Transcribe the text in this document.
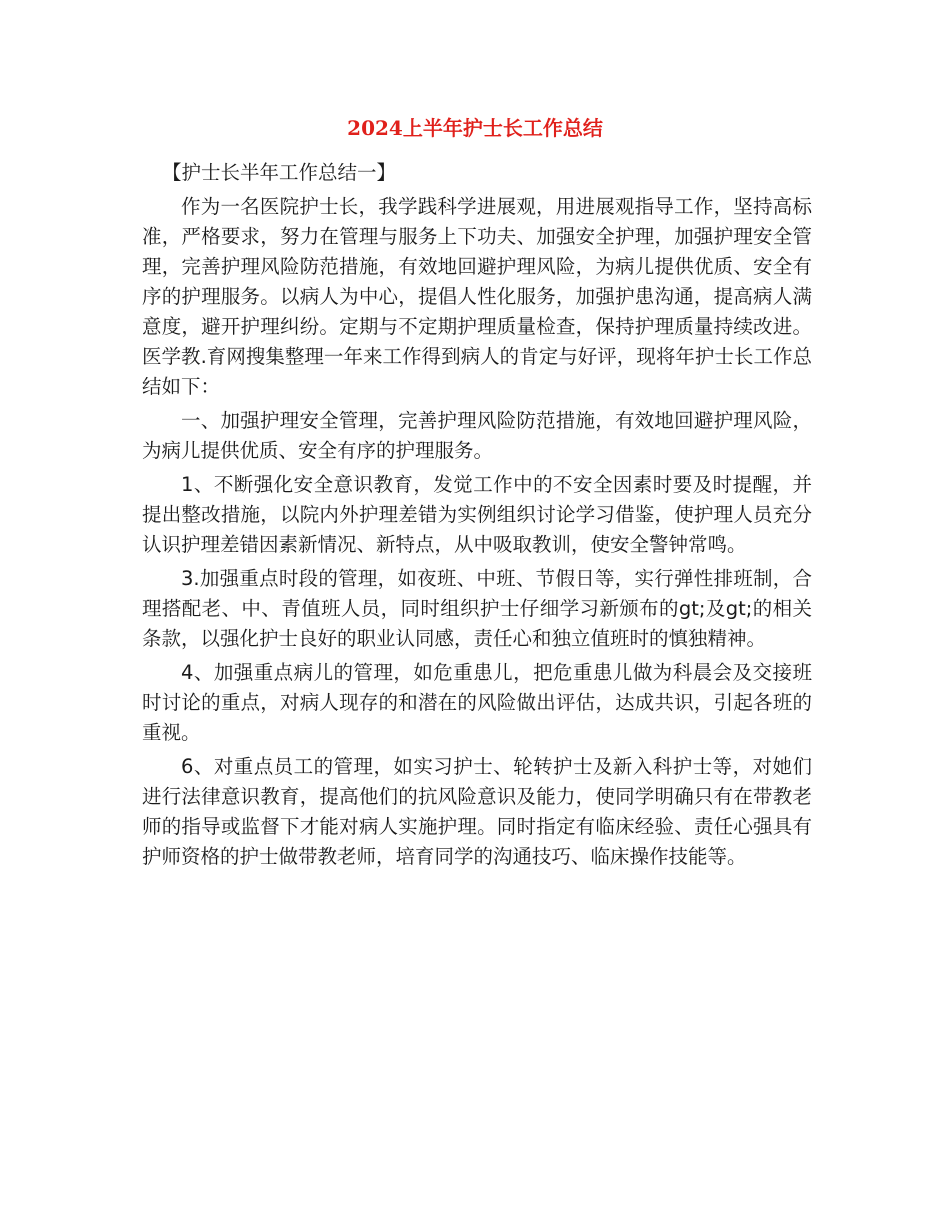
2024上半年护士长工作总结

【护士长半年工作总结一】

作为一名医院护士长，我学践科学进展观，用进展观指导工作，坚持高标准，严格要求，努力在管理与服务上下功夫、加强安全护理，加强护理安全管理，完善护理风险防范措施，有效地回避护理风险，为病儿提供优质、安全有序的护理服务。以病人为中心，提倡人性化服务，加强护患沟通，提高病人满意度，避开护理纠纷。定期与不定期护理质量检查，保持护理质量持续改进。医学教.育网搜集整理一年来工作得到病人的肯定与好评，现将年护士长工作总结如下：

一、加强护理安全管理，完善护理风险防范措施，有效地回避护理风险，为病儿提供优质、安全有序的护理服务。

1、不断强化安全意识教育，发觉工作中的不安全因素时要及时提醒，并提出整改措施，以院内外护理差错为实例组织讨论学习借鉴，使护理人员充分认识护理差错因素新情况、新特点，从中吸取教训，使安全警钟常鸣。

3.加强重点时段的管理，如夜班、中班、节假日等，实行弹性排班制，合理搭配老、中、青值班人员，同时组织护士仔细学习新颁布的gt;及gt;的相关条款，以强化护士良好的职业认同感，责任心和独立值班时的慎独精神。

4、加强重点病儿的管理，如危重患儿，把危重患儿做为科晨会及交接班时讨论的重点，对病人现存的和潜在的风险做出评估，达成共识，引起各班的重视。

6、对重点员工的管理，如实习护士、轮转护士及新入科护士等，对她们进行法律意识教育，提高他们的抗风险意识及能力，使同学明确只有在带教老师的指导或监督下才能对病人实施护理。同时指定有临床经验、责任心强具有护师资格的护士做带教老师，培育同学的沟通技巧、临床操作技能等。
